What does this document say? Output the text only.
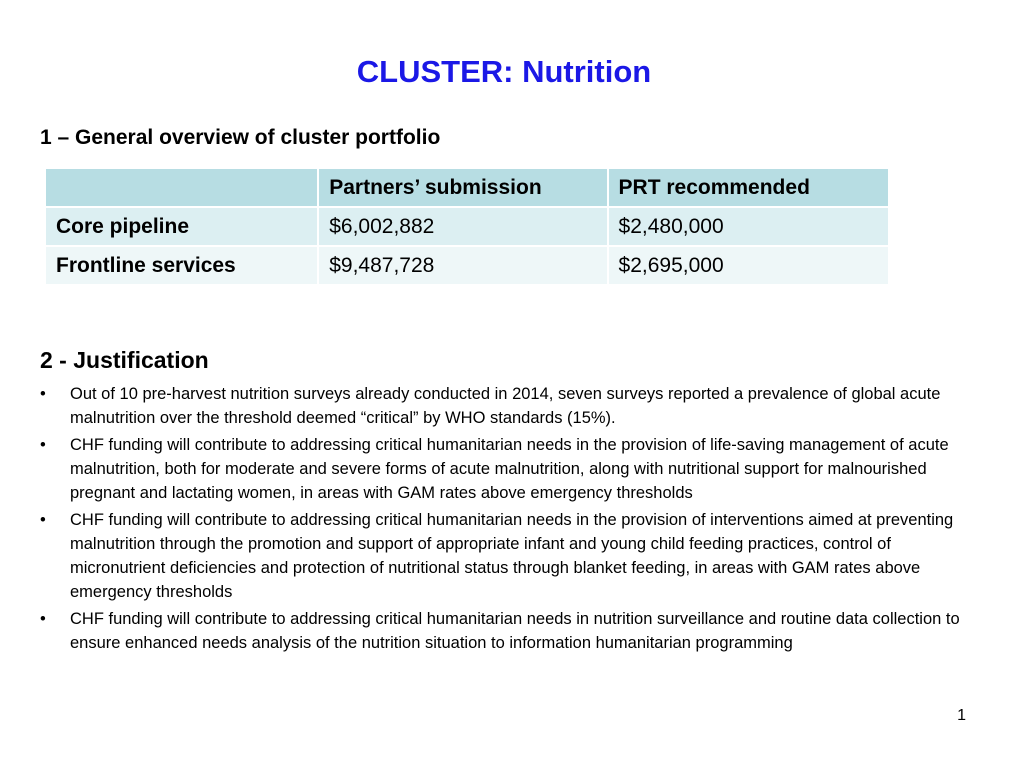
CLUSTER: Nutrition
1 – General overview of cluster portfolio
	Partners’ submission	PRT recommended
Core pipeline	$6,002,882	$2,480,000
Frontline services	$9,487,728	$2,695,000
2 - Justification
• Out of 10 pre-harvest nutrition surveys already conducted in 2014, seven surveys reported a prevalence of global acute malnutrition over the threshold deemed “critical” by WHO standards (15%).
• CHF funding will contribute to addressing critical humanitarian needs in the provision of life-saving management of acute malnutrition, both for moderate and severe forms of acute malnutrition, along with nutritional support for malnourished pregnant and lactating women, in areas with GAM rates above emergency thresholds
• CHF funding will contribute to addressing critical humanitarian needs in the provision of interventions aimed at preventing malnutrition through the promotion and support of appropriate infant and young child feeding practices, control of micronutrient deficiencies and protection of nutritional status through blanket feeding, in areas with GAM rates above emergency thresholds
• CHF funding will contribute to addressing critical humanitarian needs in nutrition surveillance and routine data collection to ensure enhanced needs analysis of the nutrition situation to information humanitarian programming

1
